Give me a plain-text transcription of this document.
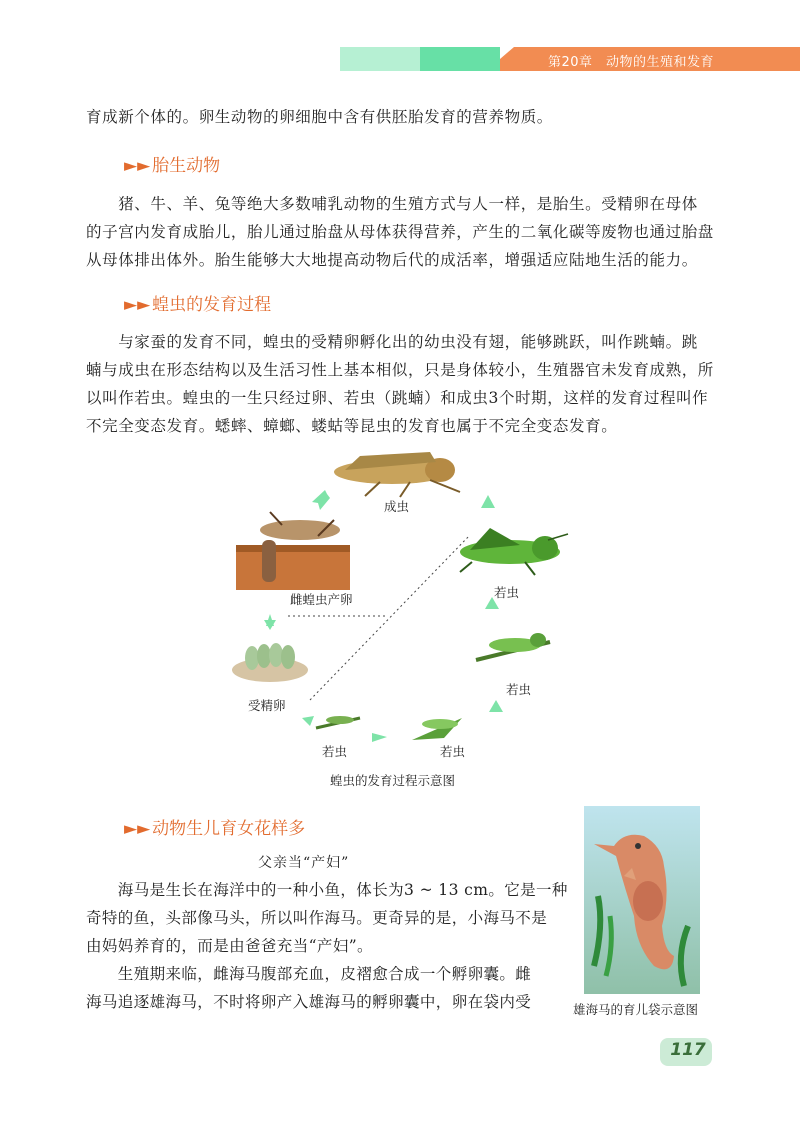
第20章　动物的生殖和发育

育成新个体的。卵生动物的卵细胞中含有供胚胎发育的营养物质。

►► 胎生动物

　　猪、牛、羊、兔等绝大多数哺乳动物的生殖方式与人一样，是胎生。受精卵在母体

的子宫内发育成胎儿，胎儿通过胎盘从母体获得营养，产生的二氧化碳等废物也通过胎盘

从母体排出体外。胎生能够大大地提高动物后代的成活率，增强适应陆地生活的能力。

►► 蝗虫的发育过程

　　与家蚕的发育不同，蝗虫的受精卵孵化出的幼虫没有翅，能够跳跃，叫作跳蝻。跳

蝻与成虫在形态结构以及生活习性上基本相似，只是身体较小，生殖器官未发育成熟，所

以叫作若虫。蝗虫的一生只经过卵、若虫（跳蝻）和成虫3个时期，这样的发育过程叫作

不完全变态发育。蟋蟀、蟑螂、蝼蛄等昆虫的发育也属于不完全变态发育。

成虫
雌蝗虫产卵	若虫
若虫
受精卵
若虫	若虫
蝗虫的发育过程示意图
►► 动物生儿育女花样多
父亲当“产妇”

　　海马是生长在海洋中的一种小鱼，体长为3 ~ 13 cm。它是一种

奇特的鱼，头部像马头，所以叫作海马。更奇异的是，小海马不是

由妈妈养育的，而是由爸爸充当“产妇”。

　　生殖期来临，雌海马腹部充血，皮褶愈合成一个孵卵囊。雌

海马追逐雄海马，不时将卵产入雄海马的孵卵囊中，卵在袋内受	雄海马的育儿袋示意图
117
